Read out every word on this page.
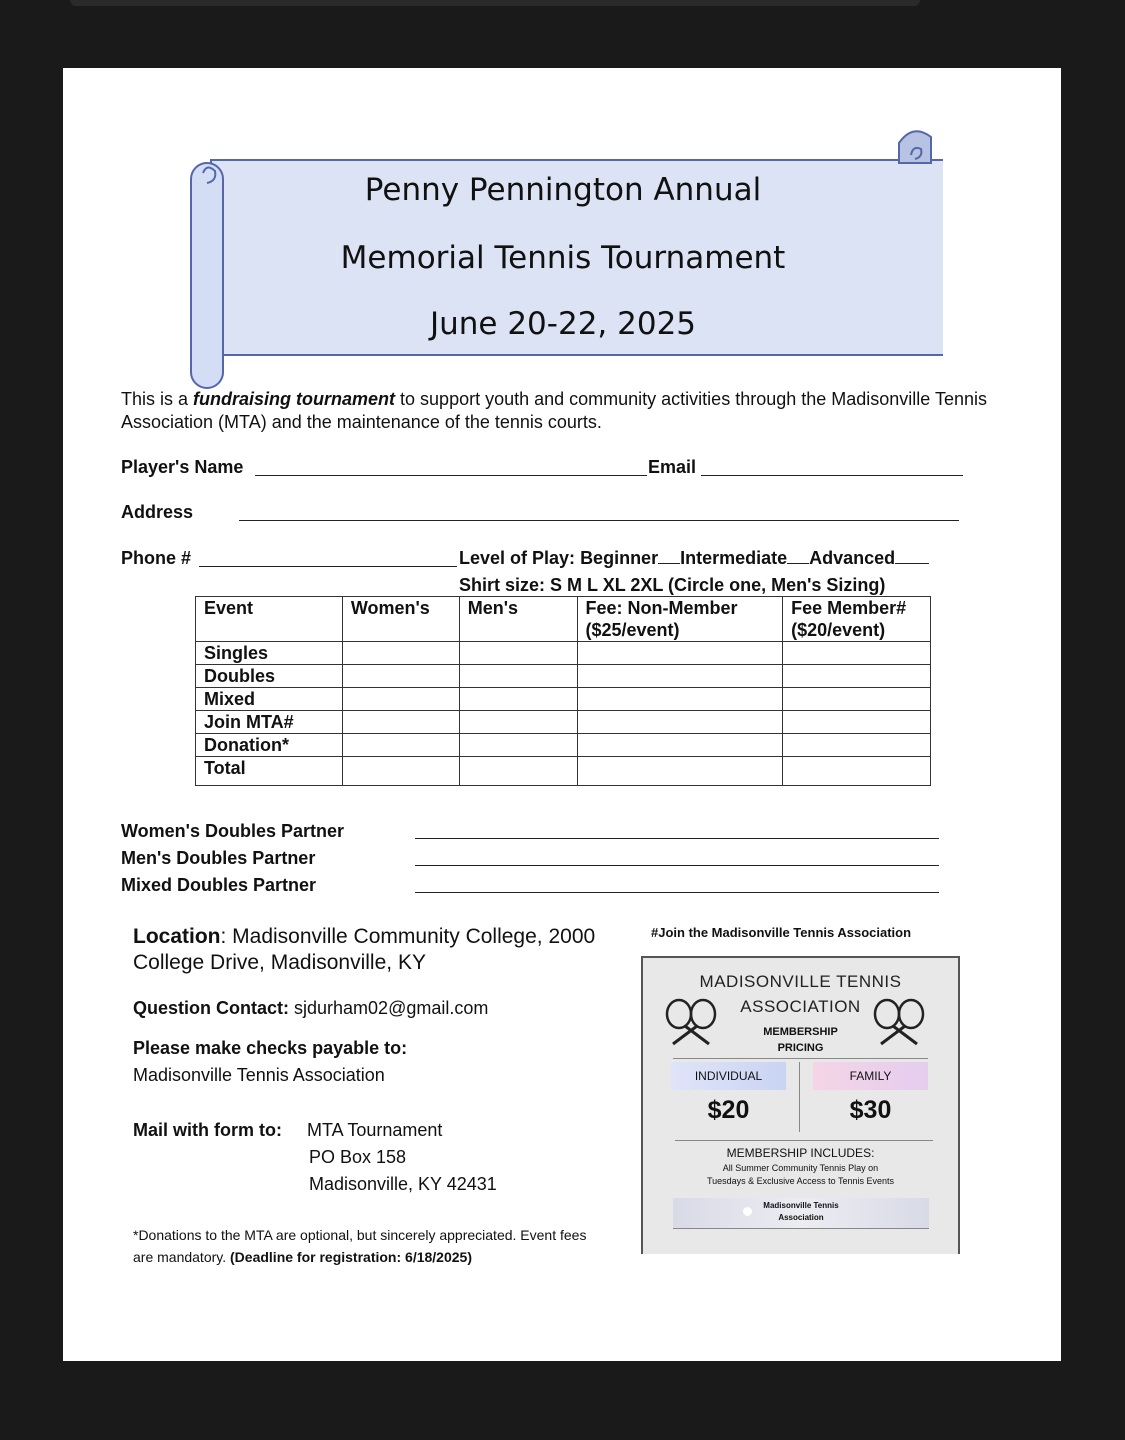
Penny Pennington Annual
Memorial Tennis Tournament
June 20-22, 2025
This is a fundraising tournament to support youth and community activities through the Madisonville Tennis Association (MTA) and the maintenance of the tennis courts.
Player's Name	Email
Address
Phone #	Level of Play: Beginner Intermediate Advanced
Shirt size: S M L XL 2XL (Circle one, Men's Sizing)
Event	Women's	Men's	Fee: Non-Member ($25/event)	Fee Member# ($20/event)
Singles				
Doubles				
Mixed				
Join MTA#				
Donation*				
Total				
Women's Doubles Partner
Men's Doubles Partner
Mixed Doubles Partner
Location: Madisonville Community College, 2000 College Drive, Madisonville, KY
Question Contact: sjdurham02@gmail.com
Please make checks payable to:
Madisonville Tennis Association
Mail with form to: MTA Tournament
PO Box 158
Madisonville, KY 42431
*Donations to the MTA are optional, but sincerely appreciated. Event fees are mandatory. (Deadline for registration: 6/18/2025)
#Join the Madisonville Tennis Association
MADISONVILLE TENNIS
ASSOCIATION
MEMBERSHIP
PRICING
INDIVIDUAL	FAMILY
$20	$30
MEMBERSHIP INCLUDES:
All Summer Community Tennis Play on
Tuesdays & Exclusive Access to Tennis Events
Madisonville Tennis
Association
